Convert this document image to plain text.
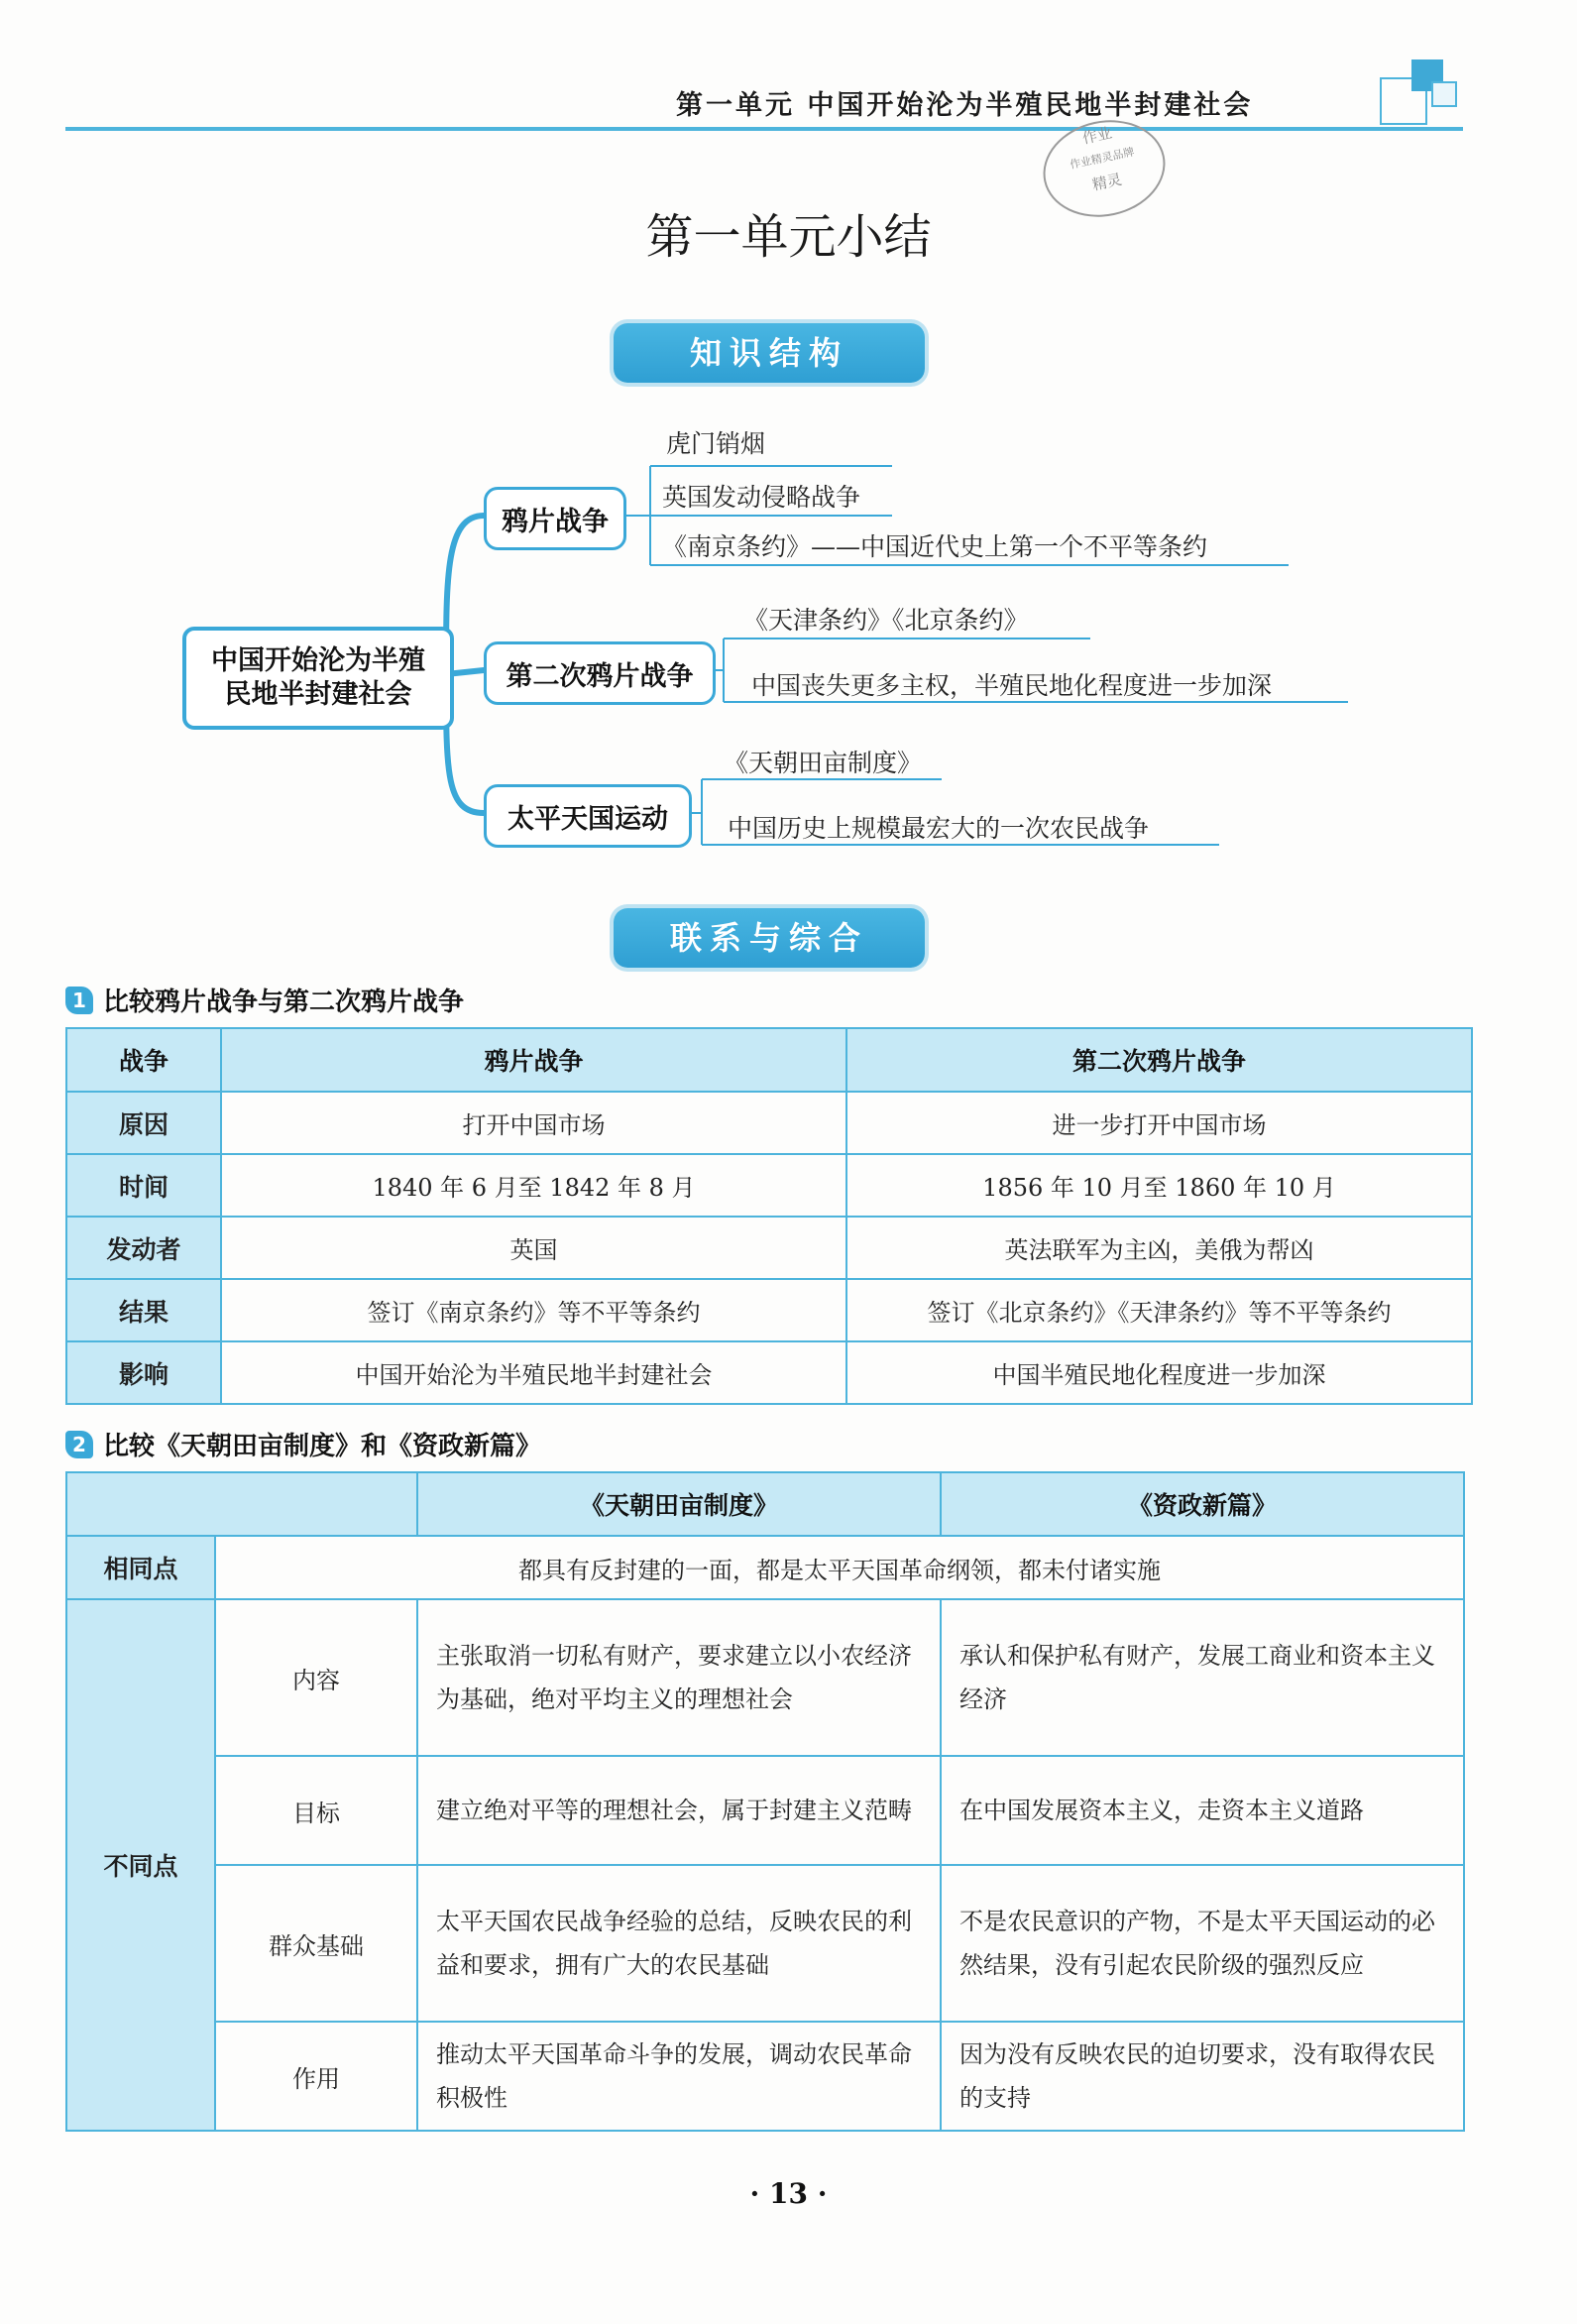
第一单元 中国开始沦为半殖民地半封建社会
作业
作业精灵品牌
精灵
第一单元小结
知识结构
中国开始沦为半殖
民地半封建社会
鸦片战争
第二次鸦片战争
太平天国运动
虎门销烟
英国发动侵略战争
《南京条约》——中国近代史上第一个不平等条约
《天津条约》《北京条约》
中国丧失更多主权，半殖民地化程度进一步加深
《天朝田亩制度》
中国历史上规模最宏大的一次农民战争
联系与综合
1 比较鸦片战争与第二次鸦片战争
战争	鸦片战争	第二次鸦片战争
原因	打开中国市场	进一步打开中国市场
时间	1840 年 6 月至 1842 年 8 月	1856 年 10 月至 1860 年 10 月
发动者	英国	英法联军为主凶，美俄为帮凶
结果	签订《南京条约》等不平等条约	签订《北京条约》《天津条约》等不平等条约
影响	中国开始沦为半殖民地半封建社会	中国半殖民地化程度进一步加深
2 比较《天朝田亩制度》和《资政新篇》
		《天朝田亩制度》	《资政新篇》
相同点	都具有反封建的一面，都是太平天国革命纲领，都未付诸实施		
不同点	内容	主张取消一切私有财产，要求建立以小农经济为基础，绝对平均主义的理想社会	承认和保护私有财产，发展工商业和资本主义经济
	目标	建立绝对平等的理想社会，属于封建主义范畴	在中国发展资本主义，走资本主义道路
	群众基础	太平天国农民战争经验的总结，反映农民的利益和要求，拥有广大的农民基础	不是农民意识的产物，不是太平天国运动的必然结果，没有引起农民阶级的强烈反应
	作用	推动太平天国革命斗争的发展，调动农民革命积极性	因为没有反映农民的迫切要求，没有取得农民的支持
· 13 ·
